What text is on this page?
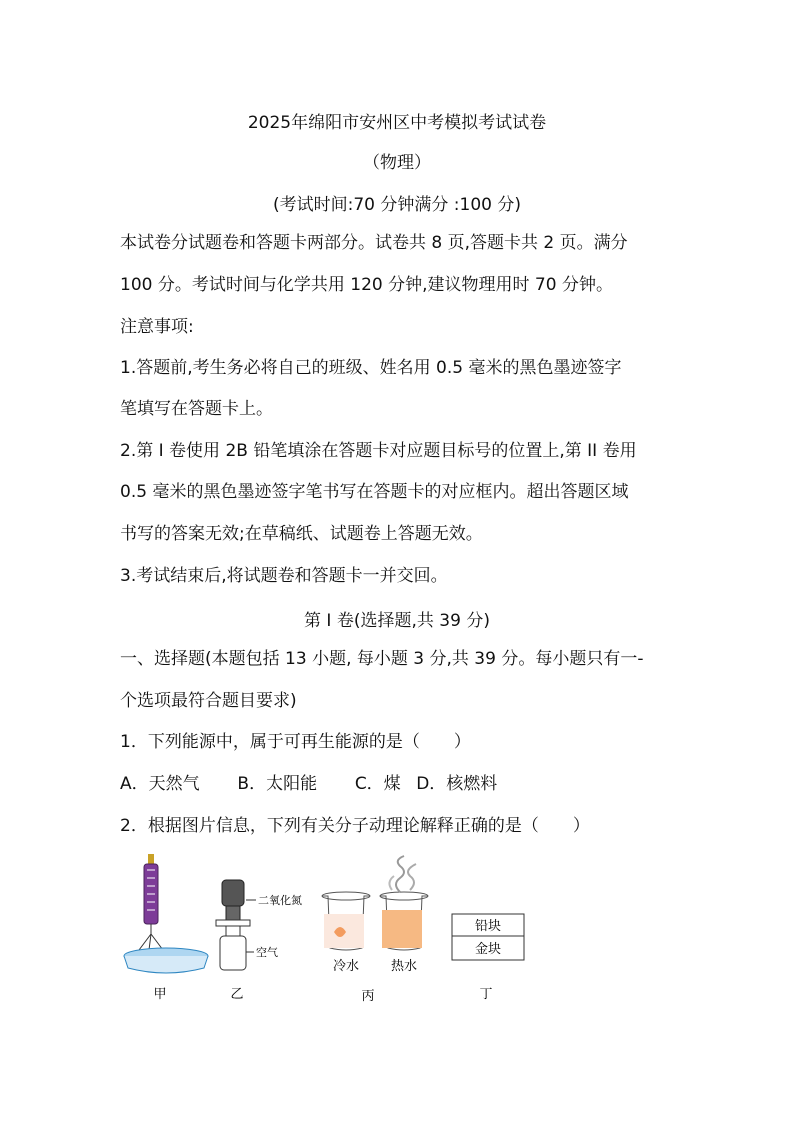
2025年绵阳市安州区中考模拟考试试卷
（物理）
(考试时间:70 分钟满分 :100 分)
本试卷分试题卷和答题卡两部分。试卷共 8 页,答题卡共 2 页。满分
100 分。考试时间与化学共用 120 分钟,建议物理用时 70 分钟。
注意事项:
1.答题前,考生务必将自己的班级、姓名用 0.5 毫米的黑色墨迹签字
笔填写在答题卡上。
2.第 I 卷使用 2B 铅笔填涂在答题卡对应题目标号的位置上,第 II 卷用
0.5 毫米的黑色墨迹签字笔书写在答题卡的对应框内。超出答题区域
书写的答案无效;在草稿纸、试题卷上答题无效。
3.考试结束后,将试题卷和答题卡一并交回。
第 I 卷(选择题,共 39 分)
一、选择题(本题包括 13 小题, 每小题 3 分,共 39 分。每小题只有一-
个选项最符合题目要求)
1．下列能源中，属于可再生能源的是（　　）
A．天然气 B．太阳能 C．煤 D．核燃料
2．根据图片信息，下列有关分子动理论解释正确的是（　　）
甲
二氧化氮
空气
乙
冷水 热水
丙
铅块
金块
丁
